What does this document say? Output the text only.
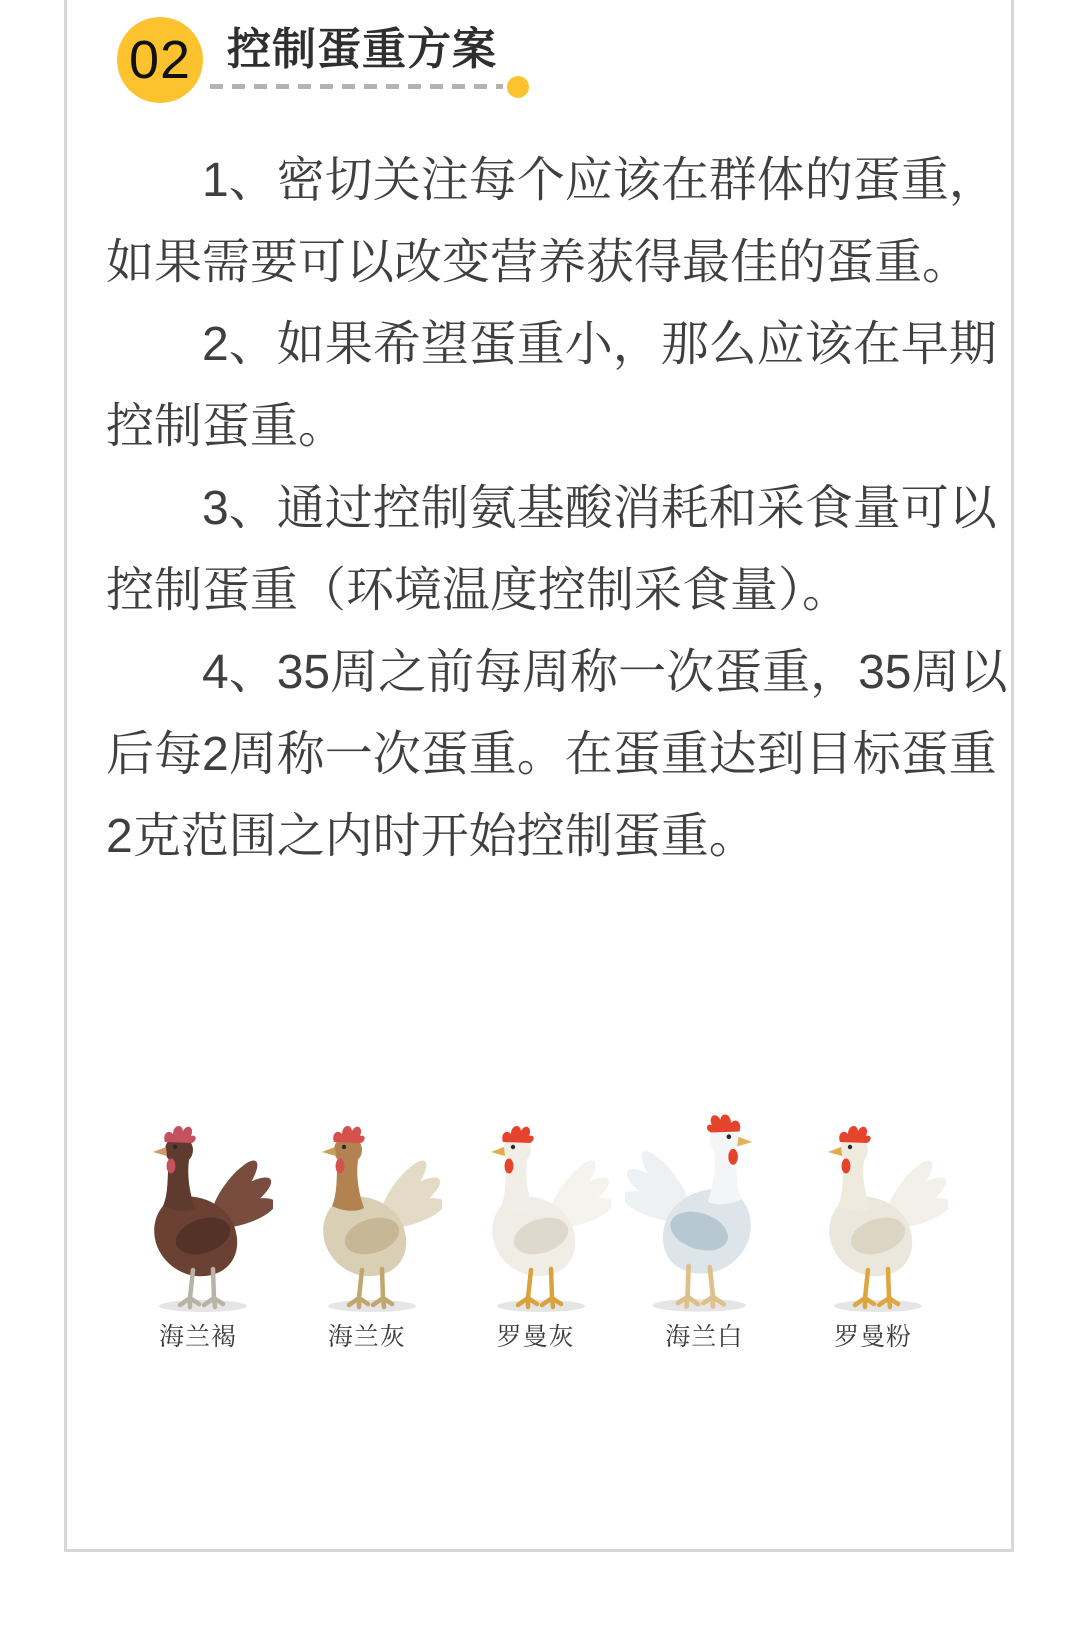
02 控制蛋重方案
1、密切关注每个应该在群体的蛋重，
如果需要可以改变营养获得最佳的蛋重。
2、如果希望蛋重小，那么应该在早期
控制蛋重。
3、通过控制氨基酸消耗和采食量可以
控制蛋重（环境温度控制采食量）。
4、35周之前每周称一次蛋重，35周以
后每2周称一次蛋重。在蛋重达到目标蛋重
2克范围之内时开始控制蛋重。
海兰褐	海兰灰	罗曼灰	海兰白	罗曼粉
